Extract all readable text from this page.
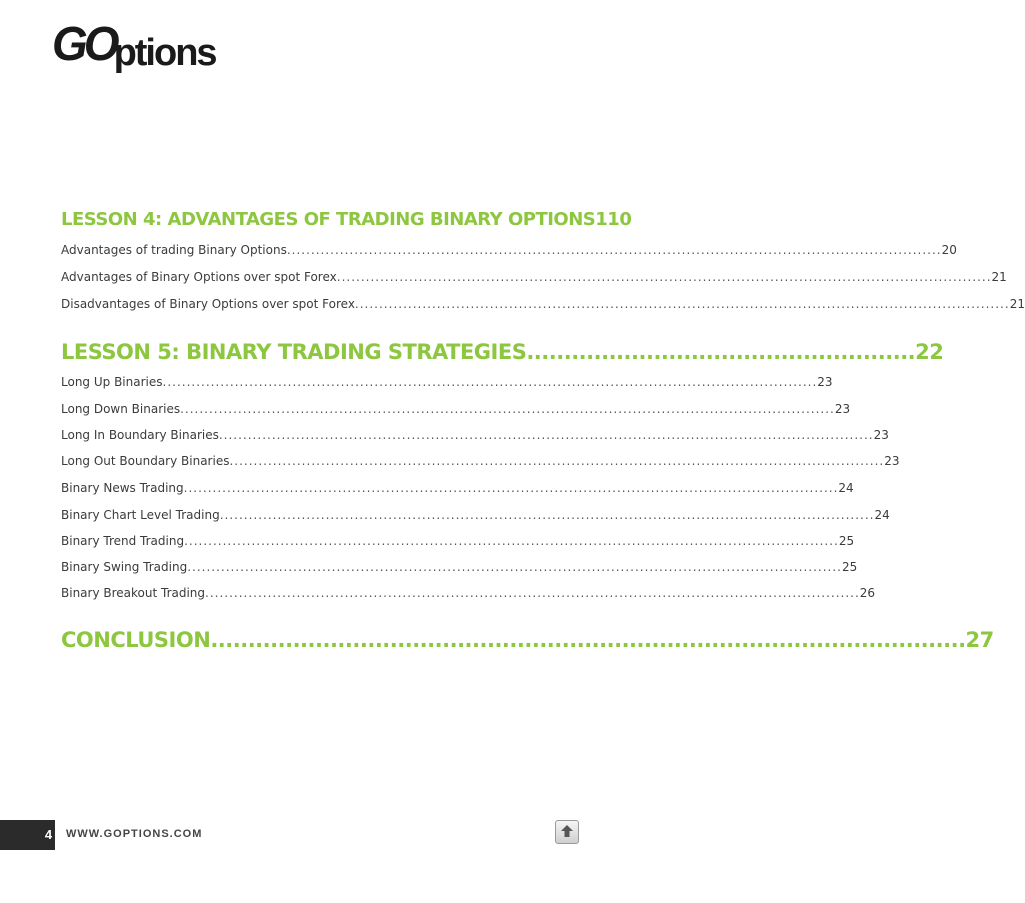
GOptions
LESSON 4: ADVANTAGES OF TRADING BINARY OPTIONS 110
Advantages of trading Binary Options ........................................................................................................................................ 20
Advantages of Binary Options over spot Forex ........................................................................................................................................ 21
Disadvantages of Binary Options over spot Forex ........................................................................................................................................ 21
LESSON 5: BINARY TRADING STRATEGIES .................................................... 22
Long Up Binaries ........................................................................................................................................ 23
Long Down Binaries ........................................................................................................................................ 23
Long In Boundary Binaries ........................................................................................................................................ 23
Long Out Boundary Binaries ........................................................................................................................................ 23
Binary News Trading ........................................................................................................................................ 24
Binary Chart Level Trading ........................................................................................................................................ 24
Binary Trend Trading ........................................................................................................................................ 25
Binary Swing Trading ........................................................................................................................................ 25
Binary Breakout Trading ........................................................................................................................................ 26
CONCLUSION ..................................................................................................... 27
4 WWW.GOPTIONS.COM
